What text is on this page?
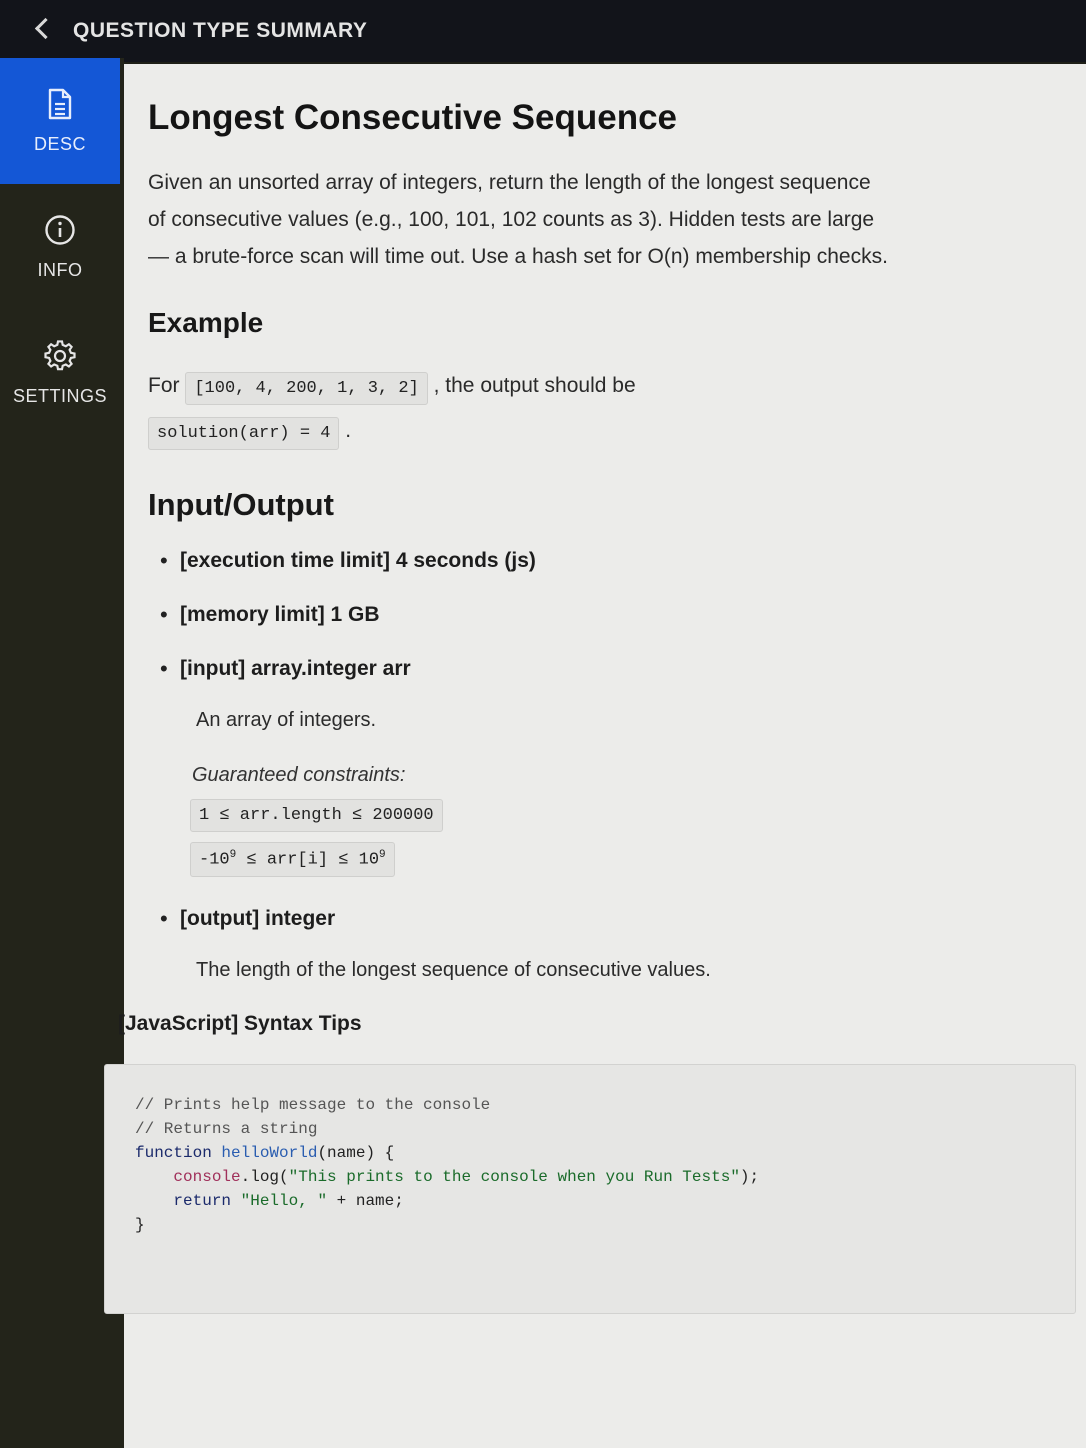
QUESTION TYPE SUMMARY
DESC
INFO
SETTINGS
Longest Consecutive Sequence

Given an unsorted array of integers, return the length of the longest sequence of consecutive values (e.g., 100, 101, 102 counts as 3). Hidden tests are large — a brute-force scan will time out. Use a hash set for O(n) membership checks.

Example
For [100, 4, 200, 1, 3, 2] , the output should be
solution(arr) = 4 .
Input/Output
• [execution time limit] 4 seconds (js)
• [memory limit] 1 GB
• [input] array.integer arr
An array of integers.
Guaranteed constraints:
1 ≤ arr.length ≤ 200000
$-10^9 \le arr[i] \le 10^9$
• [output] integer
The length of the longest sequence of consecutive values.
[JavaScript] Syntax Tips
// Prints help message to the console
// Returns a string
function helloWorld(name) {
console.log("This prints to the console when you Run Tests");
return "Hello, " + name;
}
